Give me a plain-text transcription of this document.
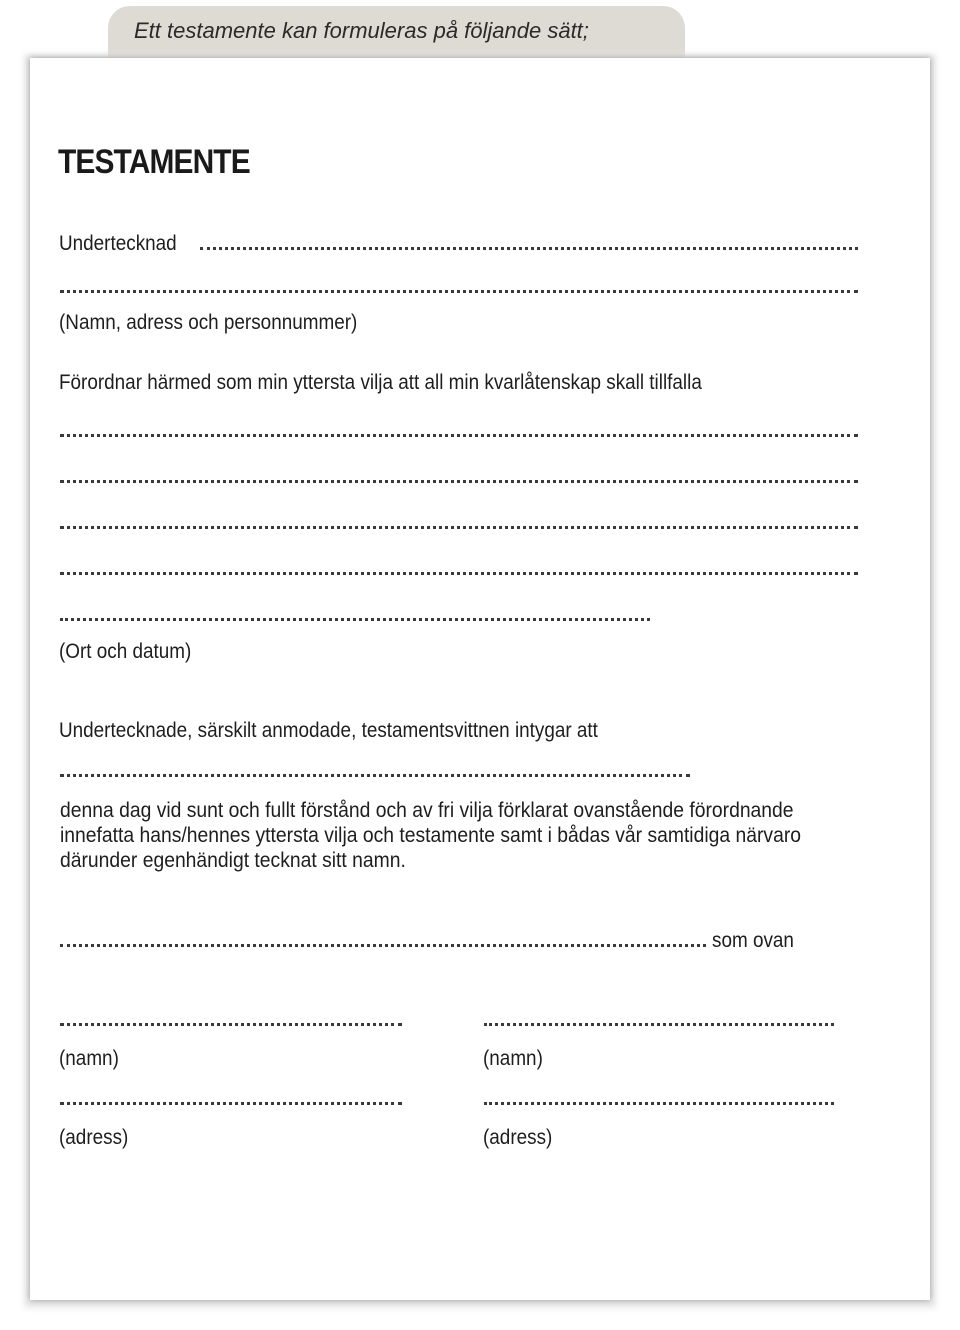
Ett testamente kan formuleras på följande sätt;
TESTAMENTE
Undertecknad
(Namn, adress och personnummer)
Förordnar härmed som min yttersta vilja att all min kvarlåtenskap skall tillfalla
(Ort och datum)
Undertecknade, särskilt anmodade, testamentsvittnen intygar att
denna dag vid sunt och fullt förstånd och av fri vilja förklarat ovanstående förordnande
innefatta hans/hennes yttersta vilja och testamente samt i bådas vår samtidiga närvaro
därunder egenhändigt tecknat sitt namn.
som ovan
(namn)
(adress)
(namn)
(adress)
